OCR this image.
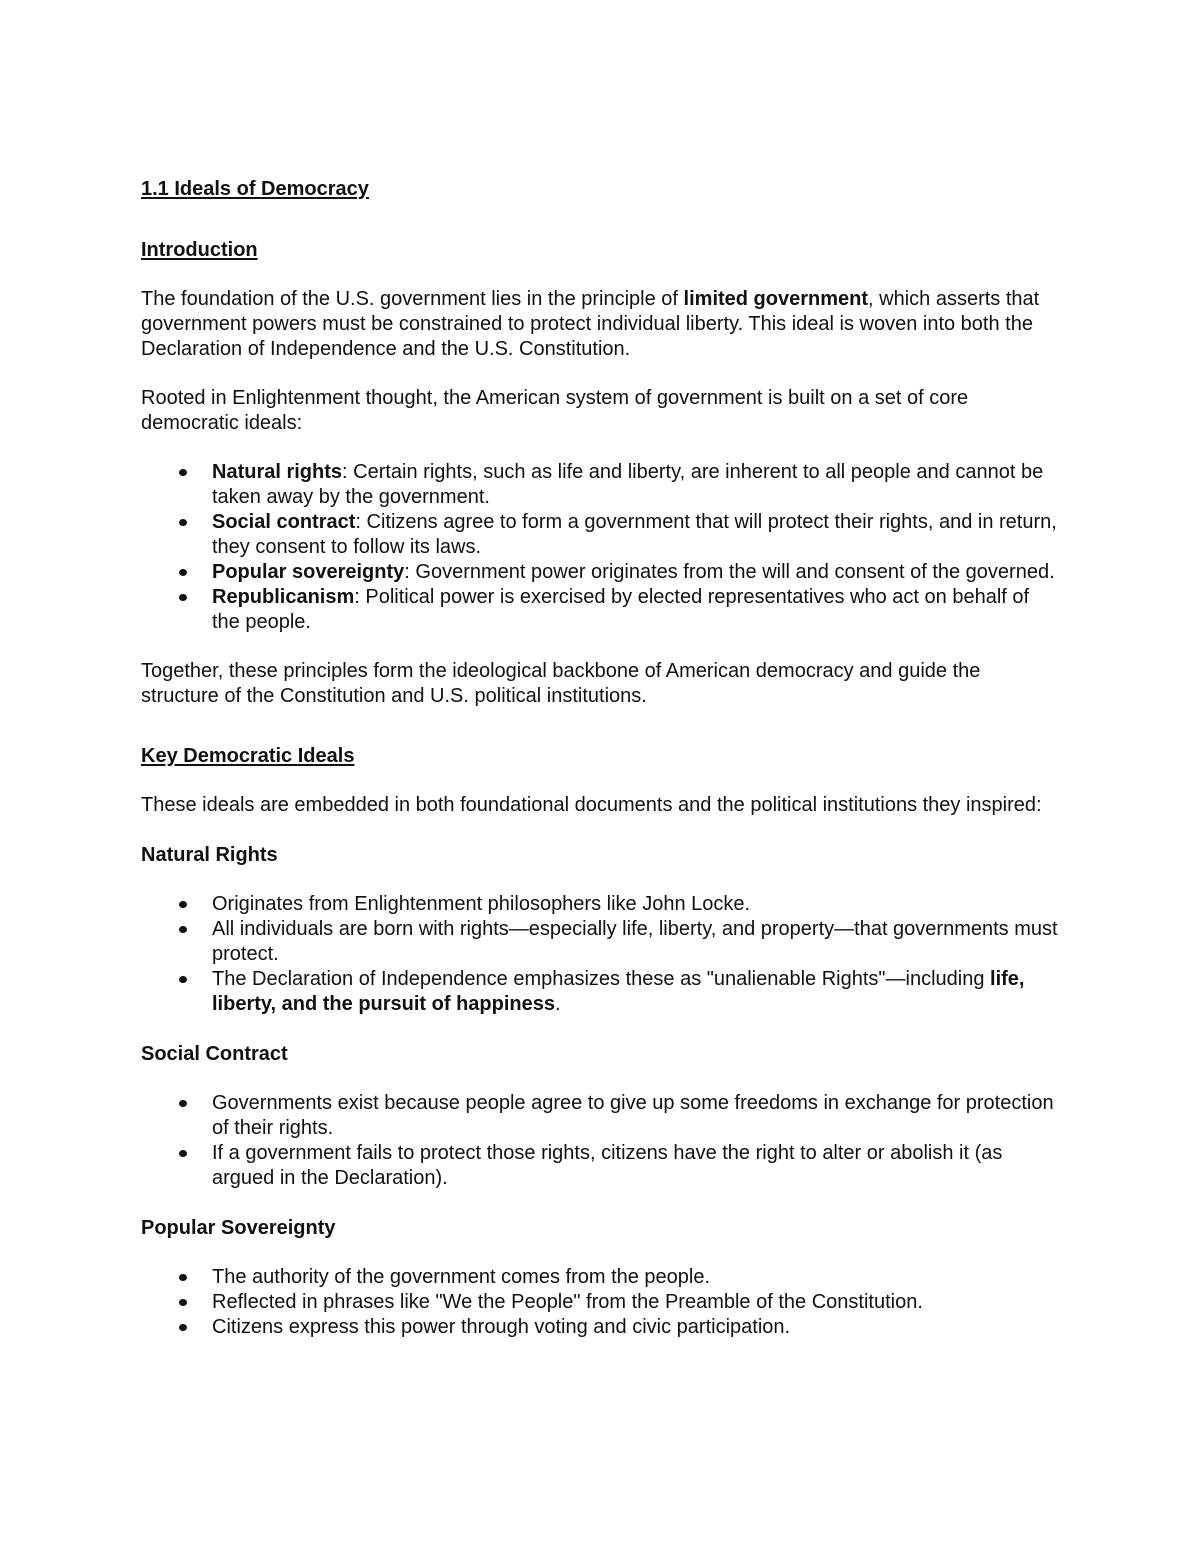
1.1 Ideals of Democracy
Introduction

The foundation of the U.S. government lies in the principle of limited government, which asserts that government powers must be constrained to protect individual liberty. This ideal is woven into both the Declaration of Independence and the U.S. Constitution.

Rooted in Enlightenment thought, the American system of government is built on a set of core democratic ideals:

Natural rights: Certain rights, such as life and liberty, are inherent to all people and cannot be taken away by the government.
Social contract: Citizens agree to form a government that will protect their rights, and in return, they consent to follow its laws.
Popular sovereignty: Government power originates from the will and consent of the governed.
Republicanism: Political power is exercised by elected representatives who act on behalf of the people.

Together, these principles form the ideological backbone of American democracy and guide the structure of the Constitution and U.S. political institutions.

Key Democratic Ideals

These ideals are embedded in both foundational documents and the political institutions they inspired:

Natural Rights
Originates from Enlightenment philosophers like John Locke.
All individuals are born with rights—especially life, liberty, and property—that governments must protect.
The Declaration of Independence emphasizes these as "unalienable Rights"—including life, liberty, and the pursuit of happiness.
Social Contract
Governments exist because people agree to give up some freedoms in exchange for protection of their rights.
If a government fails to protect those rights, citizens have the right to alter or abolish it (as argued in the Declaration).
Popular Sovereignty
The authority of the government comes from the people.
Reflected in phrases like "We the People" from the Preamble of the Constitution.
Citizens express this power through voting and civic participation.
